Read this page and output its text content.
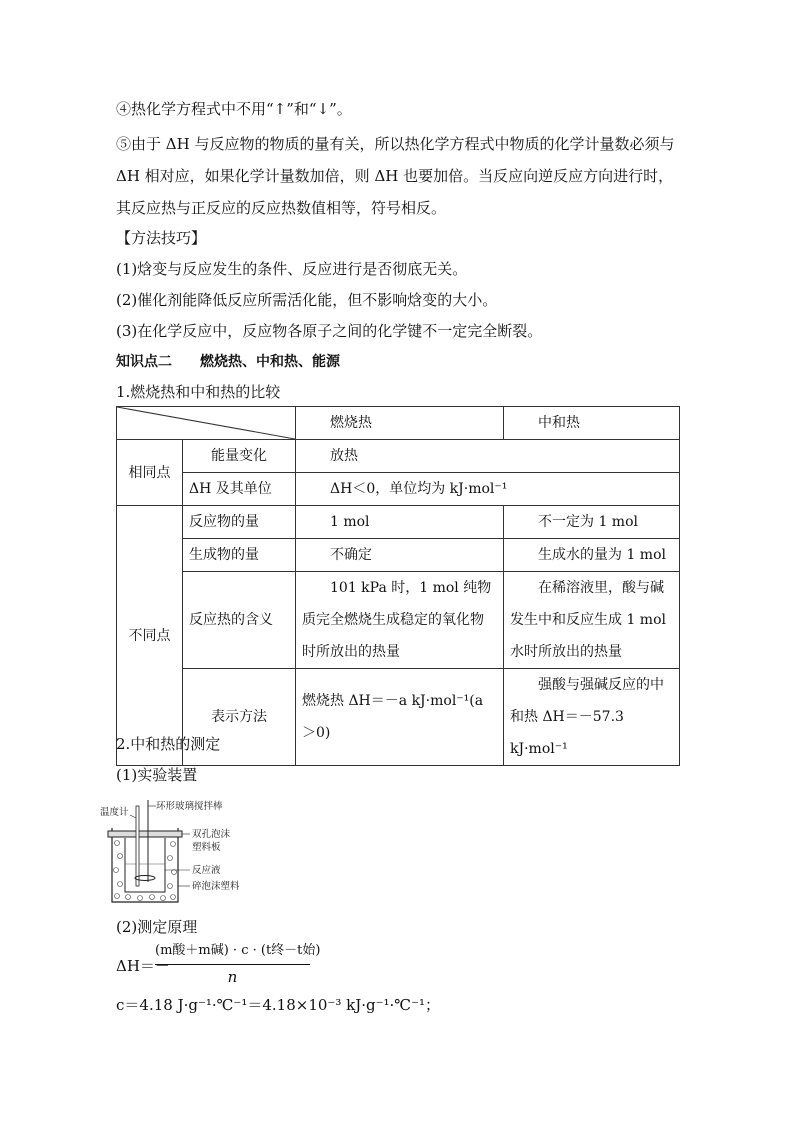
④热化学方程式中不用“↑”和“↓”。
⑤由于 ΔH 与反应物的物质的量有关，所以热化学方程式中物质的化学计量数必须与 ΔH 相对应，如果化学计量数加倍，则 ΔH 也要加倍。当反应向逆反应方向进行时，其反应热与正反应的反应热数值相等，符号相反。
【方法技巧】
(1)焓变与反应发生的条件、反应进行是否彻底无关。
(2)催化剂能降低反应所需活化能，但不影响焓变的大小。
(3)在化学反应中，反应物各原子之间的化学键不一定完全断裂。
知识点二　　燃烧热、中和热、能源
1.燃烧热和中和热的比较
	燃烧热	中和热
相同点	能量变化	放热	
	ΔH 及其单位	ΔH＜0，单位均为 kJ·mol⁻¹	
不同点	反应物的量	1 mol	不一定为 1 mol
	生成物的量	不确定	生成水的量为 1 mol
	反应热的含义	101 kPa 时，1 mol 纯物质完全燃烧生成稳定的氧化物时所放出的热量	在稀溶液里，酸与碱发生中和反应生成 1 mol 水时所放出的热量
	表示方法	燃烧热 ΔH＝－a kJ·mol⁻¹(a＞0)	强酸与强碱反应的中和热 ΔH＝－57.3 kJ·mol⁻¹
2.中和热的测定
(1)实验装置
温度计
环形玻璃搅拌棒
双孔泡沫
塑料板
反应液
碎泡沫塑料
(2)测定原理
ΔH＝－
(m酸＋m碱) · c · (t终－t始)
n
c＝4.18 J·g⁻¹·℃⁻¹＝4.18×10⁻³ kJ·g⁻¹·℃⁻¹；
